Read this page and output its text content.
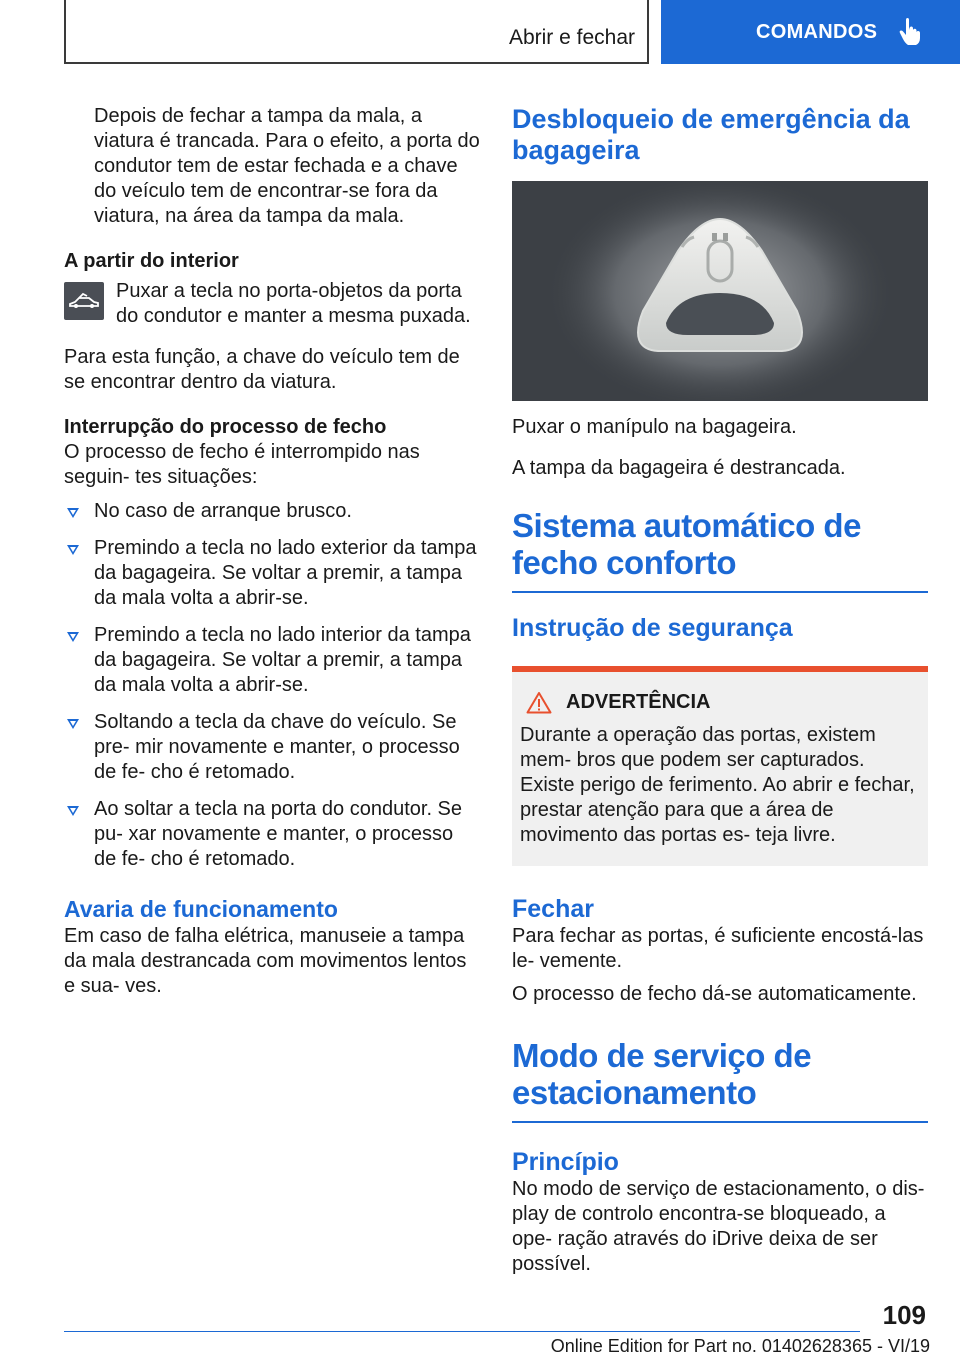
Abrir e fechar	COMANDOS

Depois de fechar a tampa da mala, a viatura é trancada. Para o efeito, a porta do condutor tem de estar fechada e a chave do veículo tem de encontrar-se fora da viatura, na área da tampa da mala.

A partir do interior

Puxar a tecla no porta-objetos da porta do condutor e manter a mesma puxada.

Para esta função, a chave do veículo tem de se encontrar dentro da viatura.

Interrupção do processo de fecho

O processo de fecho é interrompido nas seguin- tes situações:

No caso de arranque brusco.
Premindo a tecla no lado exterior da tampa da bagageira. Se voltar a premir, a tampa da mala volta a abrir-se.
Premindo a tecla no lado interior da tampa da bagageira. Se voltar a premir, a tampa da mala volta a abrir-se.
Soltando a tecla da chave do veículo. Se pre- mir novamente e manter, o processo de fe- cho é retomado.
Ao soltar a tecla na porta do condutor. Se pu- xar novamente e manter, o processo de fe- cho é retomado.

Avaria de funcionamento

Em caso de falha elétrica, manuseie a tampa da mala destrancada com movimentos lentos e sua- ves.

Desbloqueio de emergência da bagageira

Puxar o manípulo na bagageira.

A tampa da bagageira é destrancada.

Sistema automático de fecho conforto

Instrução de segurança

ADVERTÊNCIA

Durante a operação das portas, existem mem- bros que podem ser capturados. Existe perigo de ferimento. Ao abrir e fechar, prestar atenção para que a área de movimento das portas es- teja livre.

Fechar

Para fechar as portas, é suficiente encostá-las le- vemente.

O processo de fecho dá-se automaticamente.

Modo de serviço de estacionamento

Princípio

No modo de serviço de estacionamento, o dis- play de controlo encontra-se bloqueado, a ope- ração através do iDrive deixa de ser possível.

109
Online Edition for Part no. 01402628365 - VI/19
